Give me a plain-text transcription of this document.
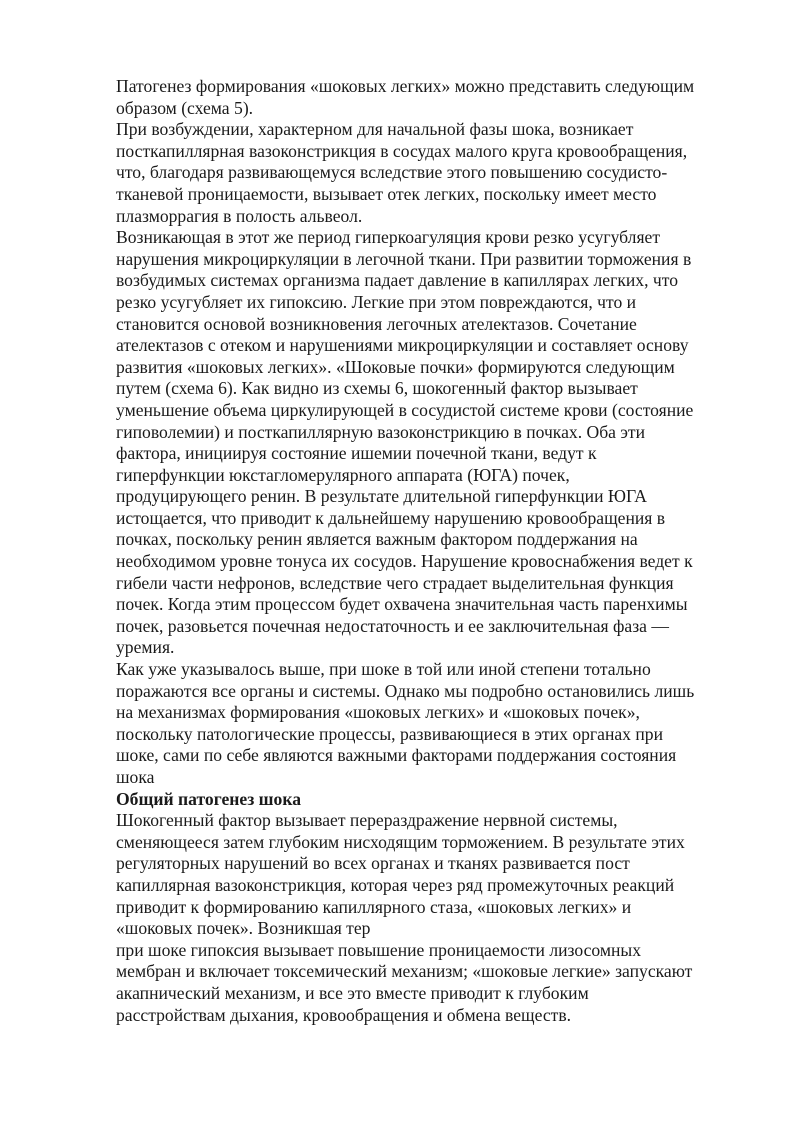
Патогенез формирования «шоковых легких» можно представить следующим
образом (схема 5).
При возбуждении, характерном для начальной фазы шока, возникает
посткапиллярная вазоконстрикция в сосудах малого круга кровообращения,
что, благодаря развивающемуся вследствие этого повышению сосудисто-
тканевой проницаемости, вызывает отек легких, поскольку имеет место
плазморрагия в полость альвеол.
Возникающая в этот же период гиперкоагуляция крови резко усугубляет
нарушения микроциркуляции в легочной ткани. При развитии торможения в
возбудимых системах организма падает давление в капиллярах легких, что
резко усугубляет их гипоксию. Легкие при этом повреждаются, что и
становится основой возникновения легочных ателектазов. Сочетание
ателектазов с отеком и нарушениями микроциркуляции и составляет основу
развития «шоковых легких». «Шоковые почки» формируются следующим
путем (схема 6). Как видно из схемы 6, шокогенный фактор вызывает
уменьшение объема циркулирующей в сосудистой системе крови (состояние
гиповолемии) и посткапиллярную вазоконстрикцию в почках. Оба эти
фактора, инициируя состояние ишемии почечной ткани, ведут к
гиперфункции юкстагломерулярного аппарата (ЮГА) почек,
продуцирующего ренин. В результате длительной гиперфункции ЮГА
истощается, что приводит к дальнейшему нарушению кровообращения в
почках, поскольку ренин является важным фактором поддержания на
необходимом уровне тонуса их сосудов. Нарушение кровоснабжения ведет к
гибели части нефронов, вследствие чего страдает выделительная функция
почек. Когда этим процессом будет охвачена значительная часть паренхимы
почек, разовьется почечная недостаточность и ее заключительная фаза —
уремия.
Как уже указывалось выше, при шоке в той или иной степени тотально
поражаются все органы и системы. Однако мы подробно остановились лишь
на механизмах формирования «шоковых легких» и «шоковых почек»,
поскольку патологические процессы, развивающиеся в этих органах при
шоке, сами по себе являются важными факторами поддержания состояния
шока
Общий патогенез шока
Шокогенный фактор вызывает перераздражение нервной системы,
сменяющееся затем глубоким нисходящим торможением. В результате этих
регуляторных нарушений во всех органах и тканях развивается пост
капиллярная вазоконстрикция, которая через ряд промежуточных реакций
приводит к формированию капиллярного стаза, «шоковых легких» и
«шоковых почек». Возникшая тер
при шоке гипоксия вызывает повышение проницаемости лизосомных
мембран и включает токсемический механизм; «шоковые легкие» запускают
акапнический механизм, и все это вместе приводит к глубоким
расстройствам дыхания, кровообращения и обмена веществ.
